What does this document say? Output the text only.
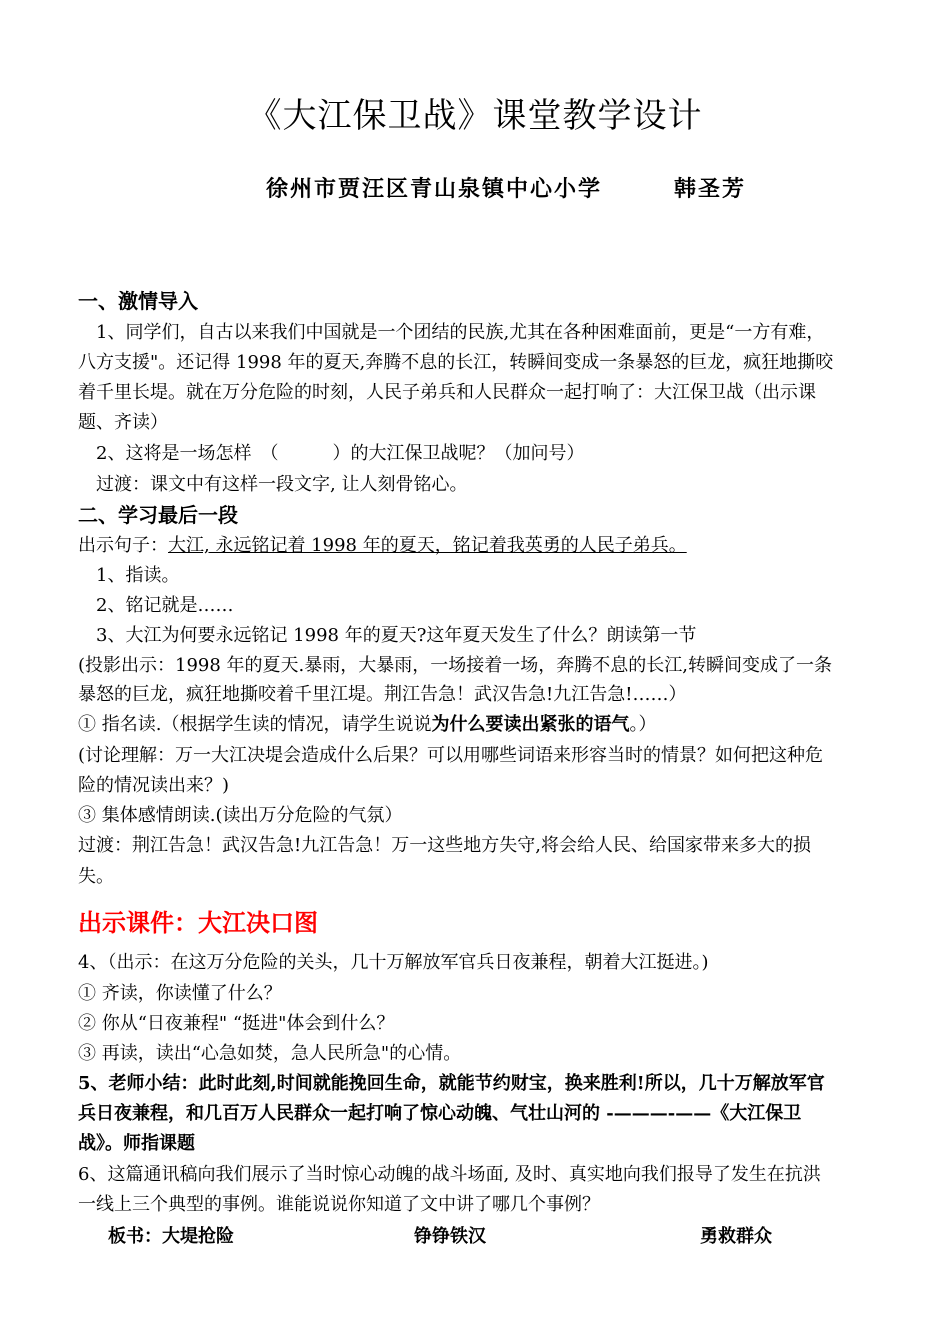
《大江保卫战》课堂教学设计
徐州市贾汪区青山泉镇中心小学　　　韩圣芳
一、激情导入
　1、同学们，自古以来我们中国就是一个团结的民族,尤其在各种困难面前，更是“一方有难，
八方支援"。还记得 1998 年的夏天,奔腾不息的长江，转瞬间变成一条暴怒的巨龙，疯狂地撕咬
着千里长堤。就在万分危险的时刻，人民子弟兵和人民群众一起打响了：大江保卫战（出示课
题、齐读）
　2、这将是一场怎样　（　　　）的大江保卫战呢？（加问号）
　过渡：课文中有这样一段文字, 让人刻骨铭心。
二、学习最后一段
出示句子：大江, 永远铭记着 1998 年的夏天，铭记着我英勇的人民子弟兵。
　1、指读。
　2、铭记就是……
　3、大江为何要永远铭记 1998 年的夏天?这年夏天发生了什么？朗读第一节
(投影出示：1998 年的夏天.暴雨，大暴雨，一场接着一场，奔腾不息的长江,转瞬间变成了一条
暴怒的巨龙，疯狂地撕咬着千里江堤。荆江告急！武汉告急!九江告急!……）
① 指名读.（根据学生读的情况，请学生说说为什么要读出紧张的语气。）
(讨论理解：万一大江决堤会造成什么后果？可以用哪些词语来形容当时的情景？如何把这种危
险的情况读出来？)
③ 集体感情朗读.(读出万分危险的气氛）
过渡：荆江告急！武汉告急!九江告急！万一这些地方失守,将会给人民、给国家带来多大的损
失。
出示课件：大江决口图
4、（出示：在这万分危险的关头，几十万解放军官兵日夜兼程，朝着大江挺进。)
① 齐读，你读懂了什么？
② 你从“日夜兼程" “挺进"体会到什么？
③ 再读，读出“心急如焚，急人民所急"的心情。
5、老师小结：此时此刻,时间就能挽回生命，就能节约财宝，换来胜利!所以，几十万解放军官
兵日夜兼程，和几百万人民群众一起打响了惊心动魄、气壮山河的 -———-——《大江保卫
战》。师指课题
6、这篇通讯稿向我们展示了当时惊心动魄的战斗场面, 及时、真实地向我们报导了发生在抗洪
一线上三个典型的事例。谁能说说你知道了文中讲了哪几个事例？
板书：大堤抢险	铮铮铁汉	勇救群众
